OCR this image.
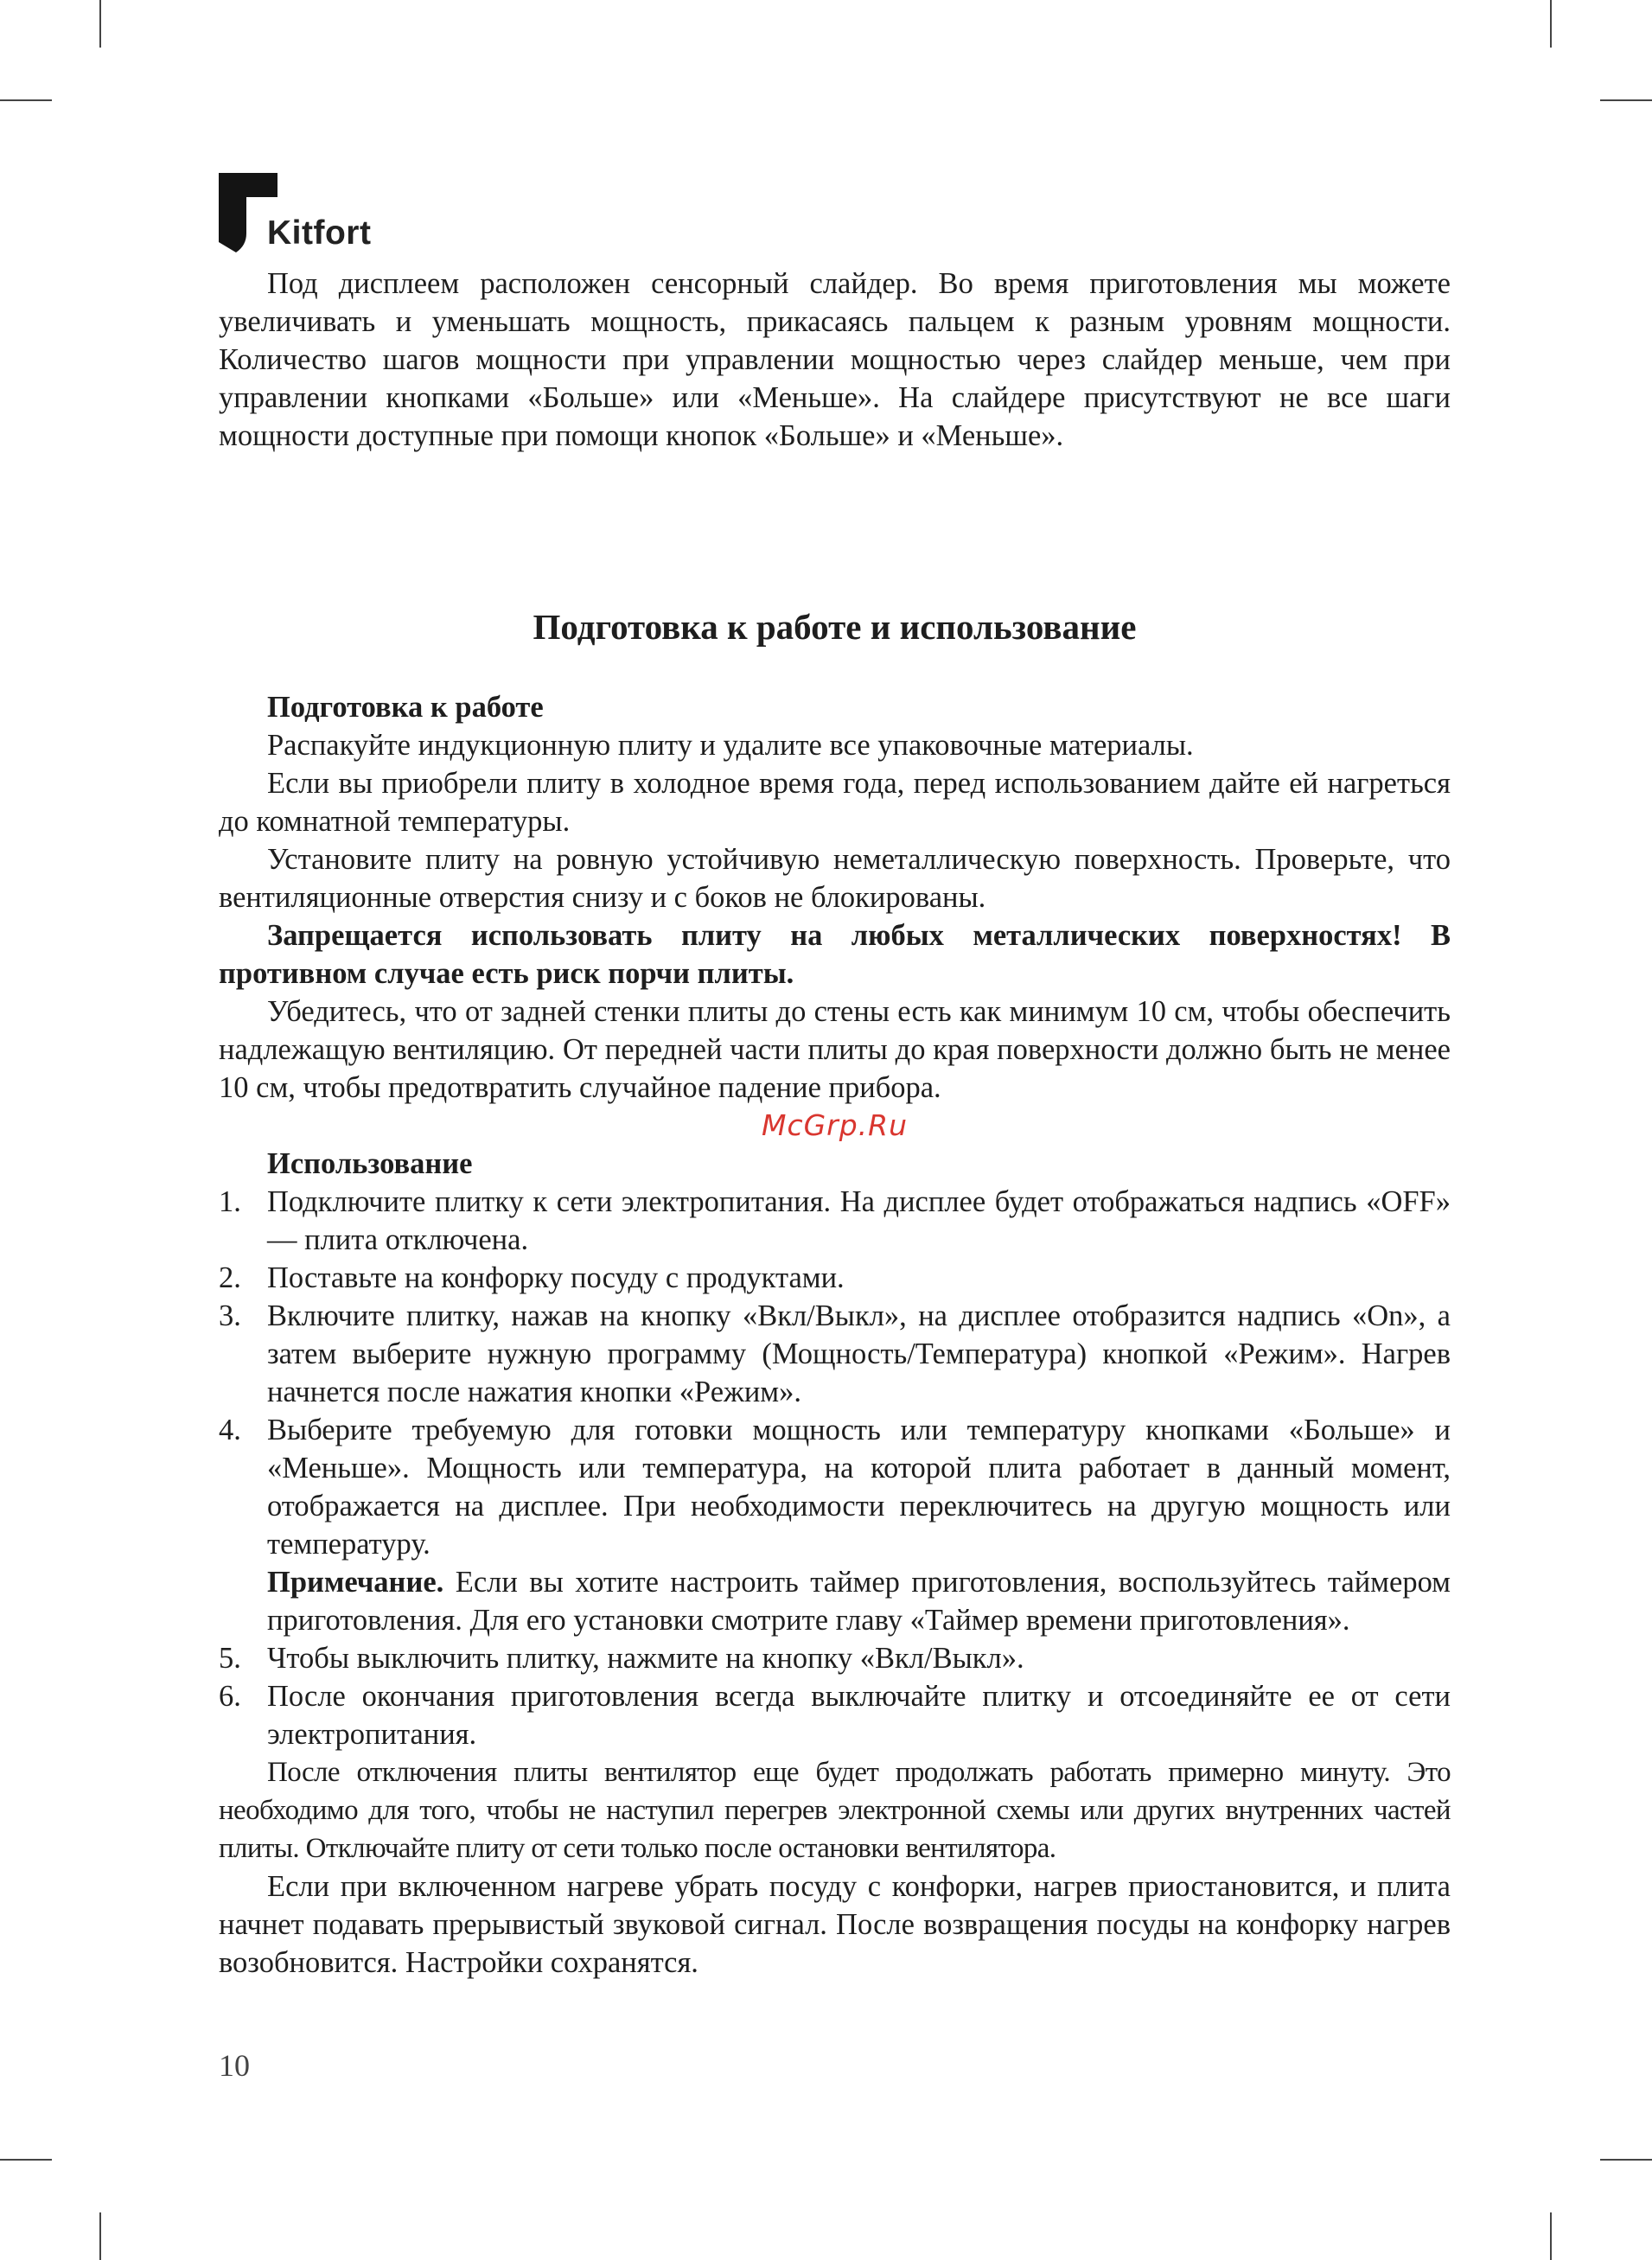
Kitfort

Под дисплеем расположен сенсорный слайдер. Во время приготовления мы можете увеличивать и уменьшать мощность, прикасаясь пальцем к разным уровням мощности. Количество шагов мощности при управлении мощностью через слайдер меньше, чем при управлении кнопками «Больше» или «Меньше». На слайдере присутствуют не все шаги мощности доступные при помощи кнопок «Больше» и «Меньше».

Подготовка к работе и использование

Подготовка к работе

Распакуйте индукционную плиту и удалите все упаковочные материалы.

Если вы приобрели плиту в холодное время года, перед использованием дайте ей нагреться до комнатной температуры.

Установите плиту на ровную устойчивую неметаллическую поверхность. Проверьте, что вентиляционные отверстия снизу и с боков не блокированы.

Запрещается использовать плиту на любых металлических поверхностях! В противном случае есть риск порчи плиты.

Убедитесь, что от задней стенки плиты до стены есть как минимум 10 см, чтобы обеспечить надлежащую вентиляцию. От передней части плиты до края поверхности должно быть не менее 10 см, чтобы предотвратить случайное падение прибора.

McGrp.Ru

Использование

1. Подключите плитку к сети электропитания. На дисплее будет отображаться надпись «OFF» — плита отключена.
2. Поставьте на конфорку посуду с продуктами.
3. Включите плитку, нажав на кнопку «Вкл/Выкл», на дисплее отобразится надпись «On», а затем выберите нужную программу (Мощность/Температура) кнопкой «Режим». Нагрев начнется после нажатия кнопки «Режим».
4. Выберите требуемую для готовки мощность или температуру кнопками «Больше» и «Меньше». Мощность или температура, на которой плита работает в данный момент, отображается на дисплее. При необходимости переключитесь на другую мощность или температуру.

Примечание. Если вы хотите настроить таймер приготовления, воспользуйтесь таймером приготовления. Для его установки смотрите главу «Таймер времени приготовления».

5. Чтобы выключить плитку, нажмите на кнопку «Вкл/Выкл».
6. После окончания приготовления всегда выключайте плитку и отсоединяйте ее от сети электропитания.

После отключения плиты вентилятор еще будет продолжать работать примерно минуту. Это необходимо для того, чтобы не наступил перегрев электронной схемы или других внутренних частей плиты. Отключайте плиту от сети только после остановки вентилятора.

Если при включенном нагреве убрать посуду с конфорки, нагрев приостановится, и плита начнет подавать прерывистый звуковой сигнал. После возвращения посуды на конфорку нагрев возобновится. Настройки сохранятся.

10
